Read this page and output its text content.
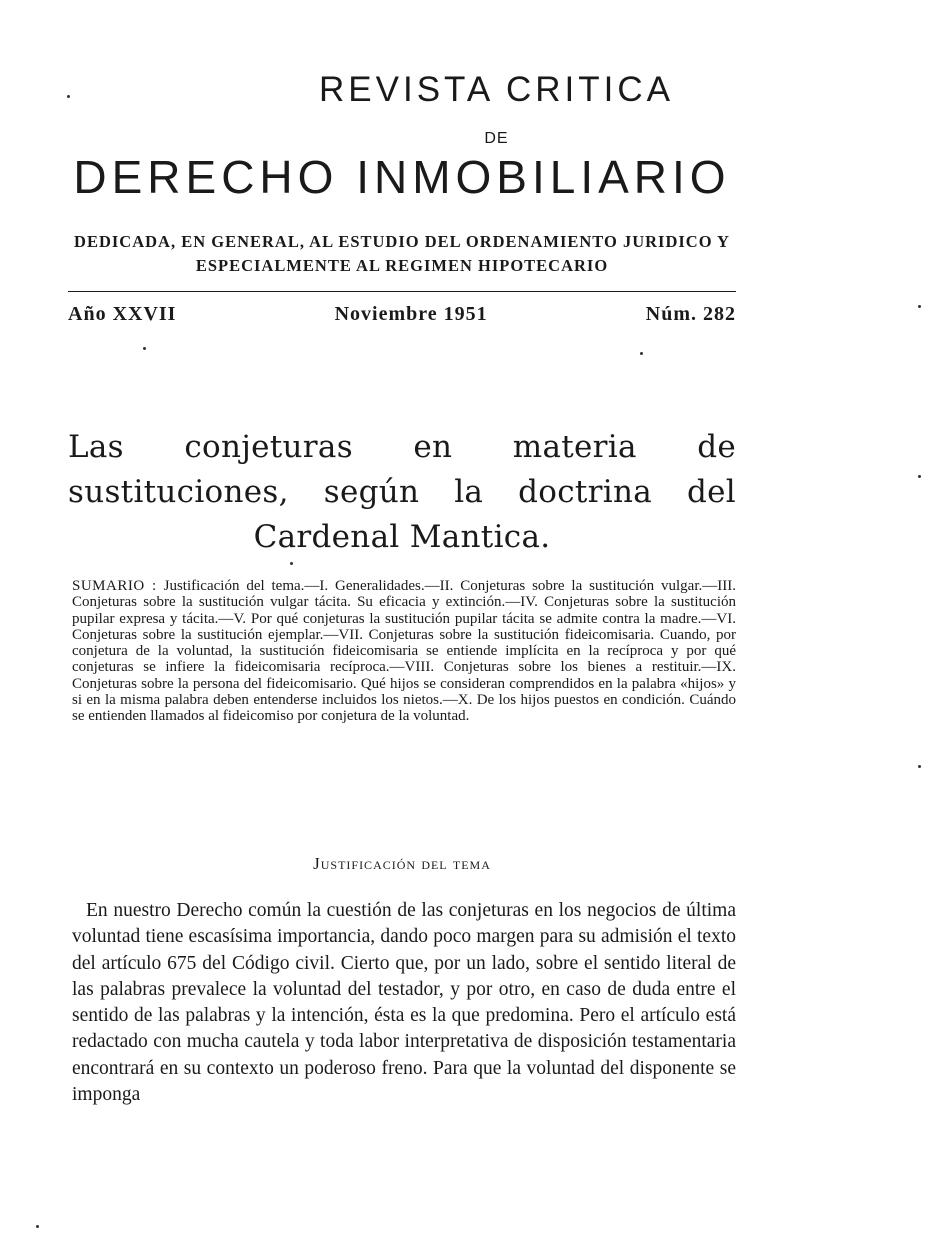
REVISTA CRITICA
DE
DERECHO INMOBILIARIO
DEDICADA, EN GENERAL, AL ESTUDIO DEL ORDENAMIENTO JURIDICO Y ESPECIALMENTE AL REGIMEN HIPOTECARIO
Año XXVII	Noviembre 1951	Núm. 282
Las conjeturas en materia de sustituciones, según la doctrina del Cardenal Mantica.
SUMARIO : Justificación del tema.—I. Generalidades.—II. Conjeturas sobre la sustitución vulgar.—III. Conjeturas sobre la sustitución vulgar tácita. Su eficacia y extinción.—IV. Conjeturas sobre la sustitución pupilar expresa y tácita.—V. Por qué conjeturas la sustitución pupilar tácita se admite contra la madre.—VI. Conjeturas sobre la sustitución ejemplar.—VII. Conjeturas sobre la sustitución fideicomisaria. Cuando, por conjetura de la voluntad, la sustitución fideicomisaria se entiende implícita en la recíproca y por qué conjeturas se infiere la fideicomisaria recíproca.—VIII. Conjeturas sobre los bienes a restituir.—IX. Conjeturas sobre la persona del fideicomisario. Qué hijos se consideran comprendidos en la palabra «hijos» y si en la misma palabra deben entenderse incluidos los nietos.—X. De los hijos puestos en condición. Cuándo se entienden llamados al fideicomiso por conjetura de la voluntad.
Justificación del tema
En nuestro Derecho común la cuestión de las conjeturas en los negocios de última voluntad tiene escasísima importancia, dando poco margen para su admisión el texto del artículo 675 del Código civil. Cierto que, por un lado, sobre el sentido literal de las palabras prevalece la voluntad del testador, y por otro, en caso de duda entre el sentido de las palabras y la intención, ésta es la que predomina. Pero el artículo está redactado con mucha cautela y toda labor interpretativa de disposición testamentaria encontrará en su contexto un poderoso freno. Para que la voluntad del disponente se imponga
